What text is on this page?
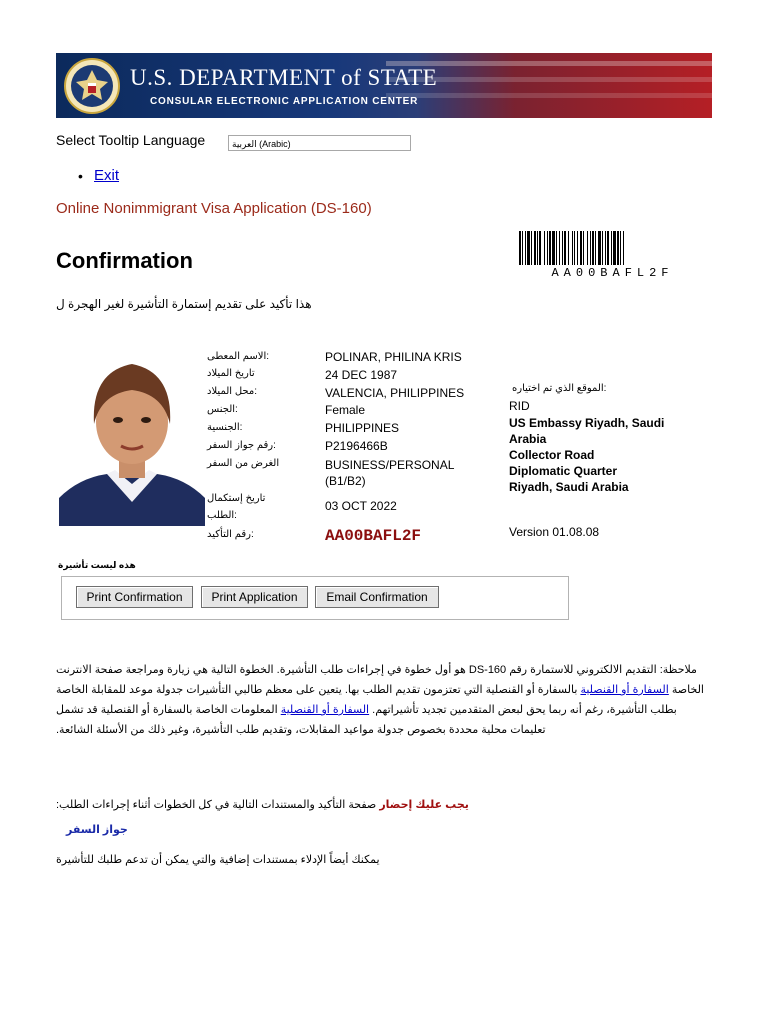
U.S. DEPARTMENT of STATE
CONSULAR ELECTRONIC APPLICATION CENTER
Select Tooltip Language	العربية (Arabic)
• Exit
Online Nonimmigrant Visa Application (DS-160)
Confirmation	AA00BAFL2F
هذا تأكيد على تقديم إستمارة التأشيرة لغير الهجرة ل
الاسم المعطى:	POLINAR, PHILINA KRIS
تاريخ الميلاد	24 DEC 1987
محل الميلاد:	VALENCIA, PHILIPPINES
الجنس:	Female
الجنسية:	PHILIPPINES
رقم جواز السفر:	P2196466B
الغرض من السفر	BUSINESS/PERSONAL (B1/B2)
تاريخ إستكمال الطلب:
03 OCT 2022
رقم التأكيد:	AA00BAFL2F
الموقع الذي تم اختياره:
RID
US Embassy Riyadh, Saudi Arabia
Collector Road
Diplomatic Quarter
Riyadh, Saudi Arabia
Version 01.08.08
هذه ليست تأشيرة
Print Confirmation	Print Application	Email Confirmation
ملاحظة: التقديم الالكتروني للاستمارة رقم DS-160 هو أول خطوة في إجراءات طلب التأشيرة. الخطوة التالية هي زيارة ومراجعة صفحة الانترنت الخاصة السفارة أو القنصلية بالسفارة أو القنصلية التي تعتزمون تقديم الطلب بها. يتعين على معظم طالبي التأشيرات جدولة موعد للمقابلة الخاصة بطلب التأشيرة، رغم أنه ربما يحق لبعض المتقدمين تجديد تأشيراتهم. السفارة أو القنصلية المعلومات الخاصة بالسفارة أو القنصلية قد تشمل تعليمات محلية محددة بخصوص جدولة مواعيد المقابلات، وتقديم طلب التأشيرة، وغير ذلك من الأسئلة الشائعة.
يجب عليك إحضار صفحة التأكيد والمستندات التالية في كل الخطوات أثناء إجراءات الطلب:
جواز السفر
يمكنك أيضاً الإدلاء بمستندات إضافية والتي يمكن أن تدعم طلبك للتأشيرة
